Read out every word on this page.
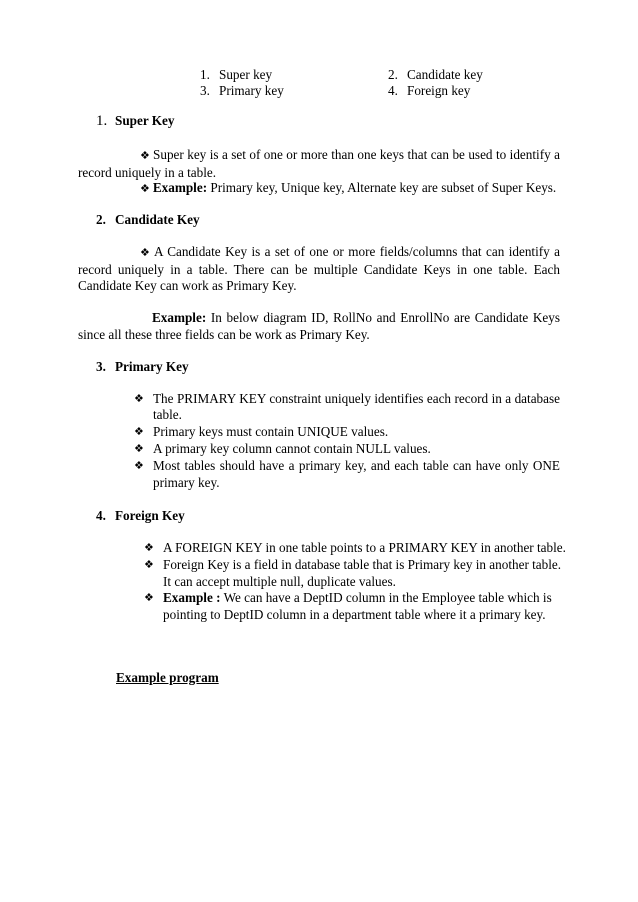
1. Super key	2. Candidate key
3. Primary key	4. Foreign key
1. Super Key
❖ Super key is a set of one or more than one keys that can be used to identify a
record uniquely in a table.
❖ Example: Primary key, Unique key, Alternate key are subset of Super Keys.
2. Candidate Key
❖ A Candidate Key is a set of one or more fields/columns that can identify a
record uniquely in a table. There can be multiple Candidate Keys in one table. Each
Candidate Key can work as Primary Key.
Example: In below diagram ID, RollNo and EnrollNo are Candidate Keys
since all these three fields can be work as Primary Key.
3. Primary Key
❖ The PRIMARY KEY constraint uniquely identifies each record in a database
table.
❖ Primary keys must contain UNIQUE values.
❖ A primary key column cannot contain NULL values.
❖ Most tables should have a primary key, and each table can have only ONE
primary key.
4. Foreign Key
❖ A FOREIGN KEY in one table points to a PRIMARY KEY in another table.
❖ Foreign Key is a field in database table that is Primary key in another table.
It can accept multiple null, duplicate values.
❖ Example : We can have a DeptID column in the Employee table which is
pointing to DeptID column in a department table where it a primary key.
Example program
